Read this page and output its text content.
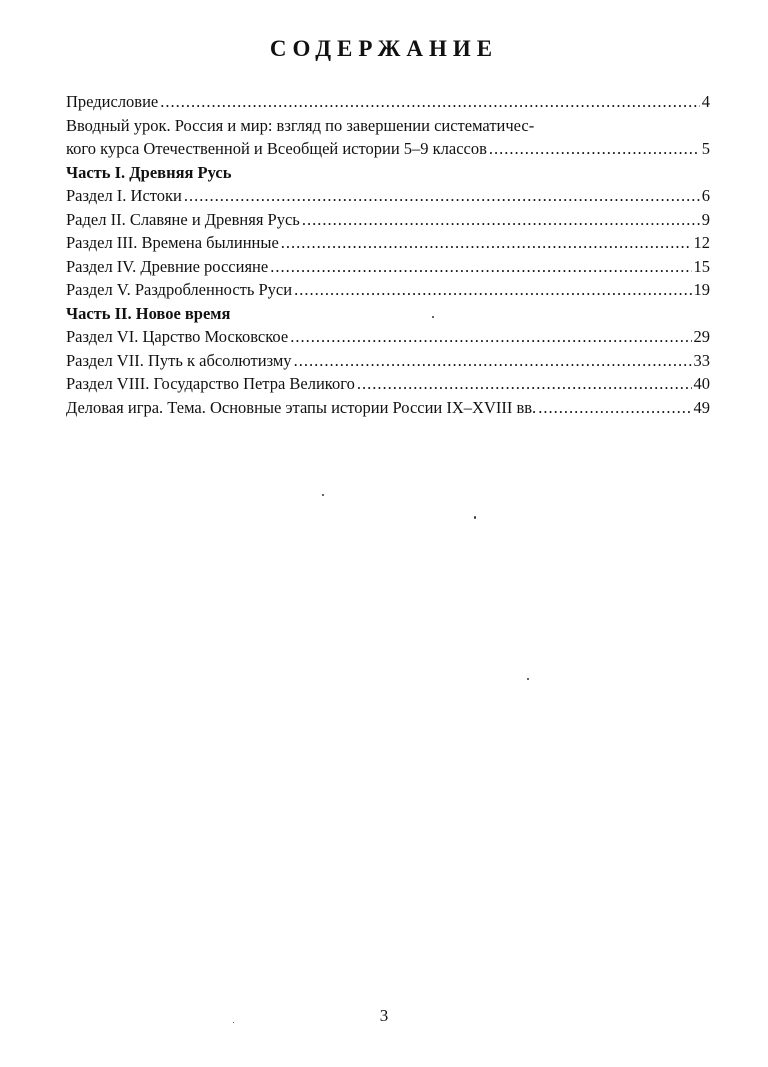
СОДЕРЖАНИЕ
Предисловие .....	4
Вводный урок. Россия и мир: взгляд по завершении систематичес-
кого курса Отечественной и Всеобщей истории 5–9 классов .....	5
Часть I. Древняя Русь
Раздел I. Истоки .....	6
Радел II. Славяне и Древняя Русь .....	9
Раздел III. Времена былинные .....	12
Раздел IV. Древние россияне .....	15
Раздел V. Раздробленность Руси .....	19
Часть II. Новое время
Раздел VI. Царство Московское .....	29
Раздел VII. Путь к абсолютизму .....	33
Раздел VIII. Государство Петра Великого .....	40
Деловая игра. Тема. Основные этапы истории России IX–XVIII вв. .....	49
3
